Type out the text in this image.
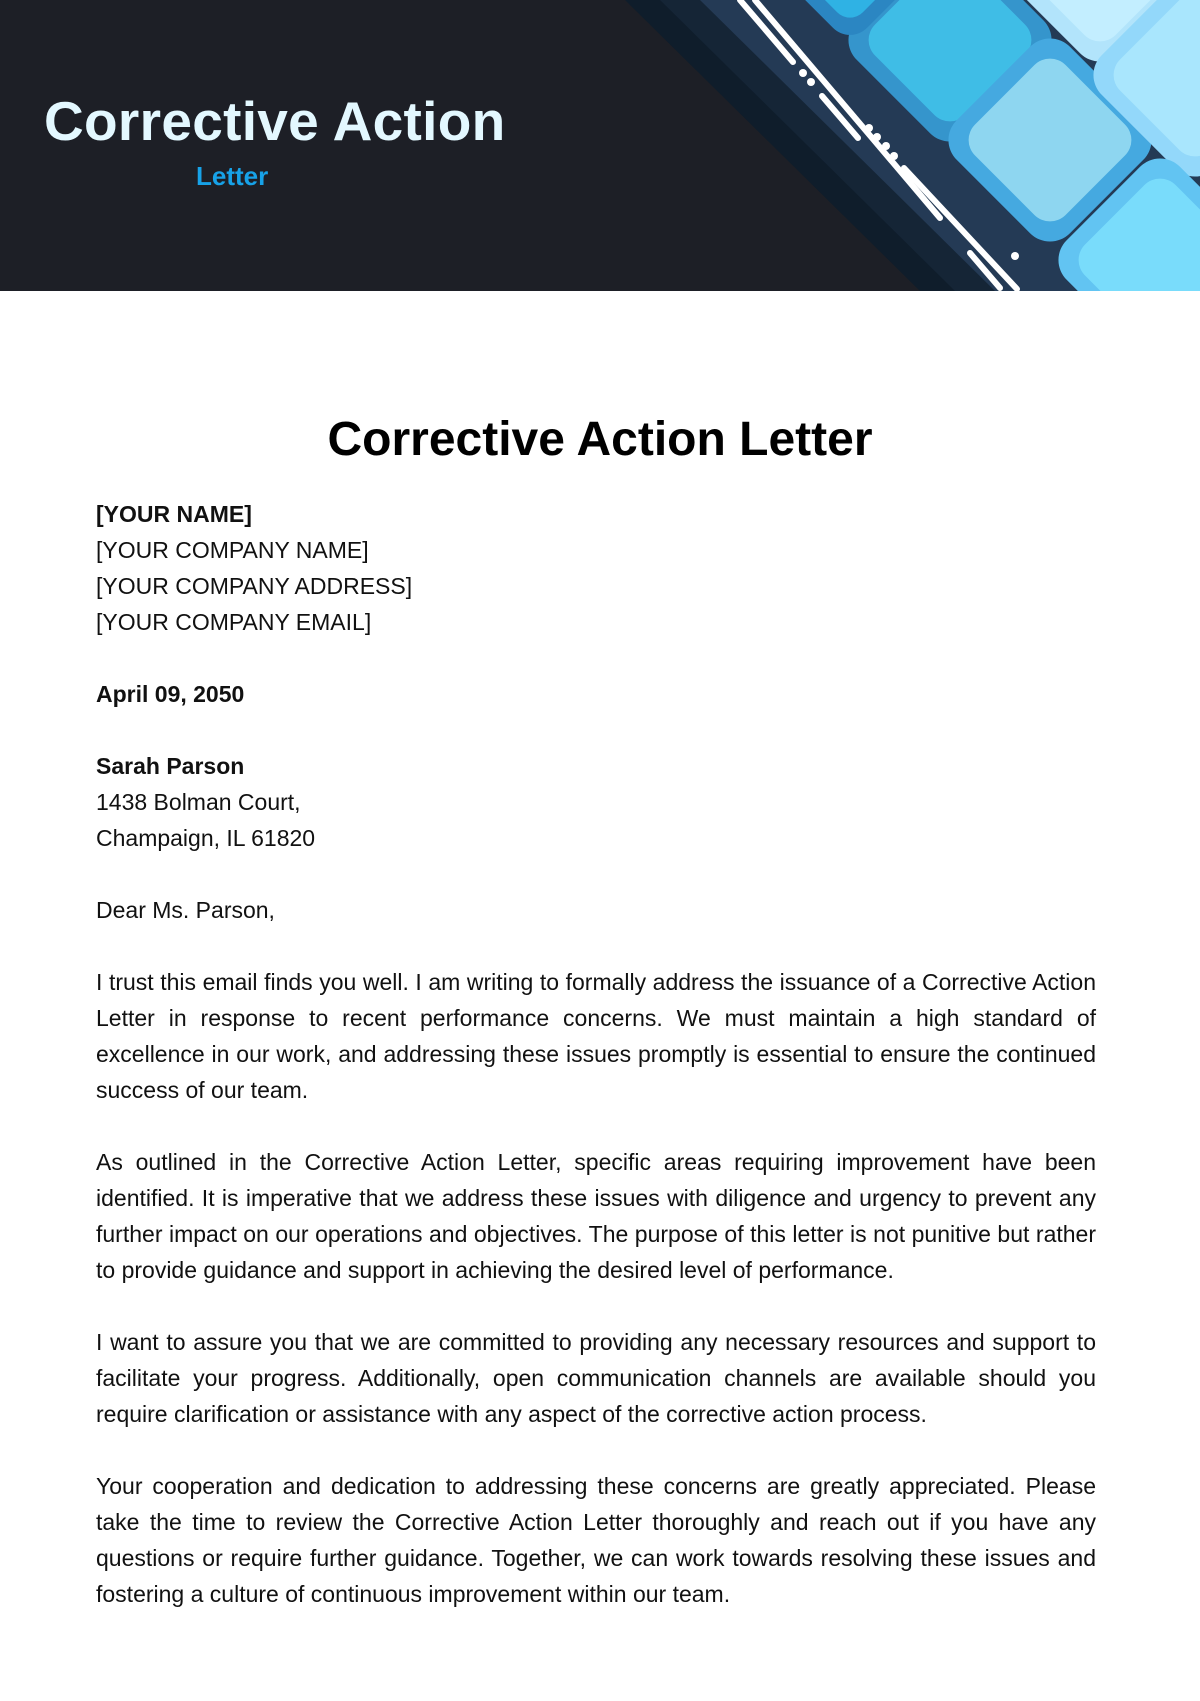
Corrective Action
Letter
Corrective Action Letter
[YOUR NAME]
[YOUR COMPANY NAME]
[YOUR COMPANY ADDRESS]
[YOUR COMPANY EMAIL]
April 09, 2050
Sarah Parson
1438 Bolman Court,
Champaign, IL 61820
Dear Ms. Parson,

I trust this email finds you well. I am writing to formally address the issuance of a Corrective Action Letter in response to recent performance concerns. We must maintain a high standard of excellence in our work, and addressing these issues promptly is essential to ensure the continued success of our team.

As outlined in the Corrective Action Letter, specific areas requiring improvement have been identified. It is imperative that we address these issues with diligence and urgency to prevent any further impact on our operations and objectives. The purpose of this letter is not punitive but rather to provide guidance and support in achieving the desired level of performance.

I want to assure you that we are committed to providing any necessary resources and support to facilitate your progress. Additionally, open communication channels are available should you require clarification or assistance with any aspect of the corrective action process.

Your cooperation and dedication to addressing these concerns are greatly appreciated. Please take the time to review the Corrective Action Letter thoroughly and reach out if you have any questions or require further guidance. Together, we can work towards resolving these issues and fostering a culture of continuous improvement within our team.
